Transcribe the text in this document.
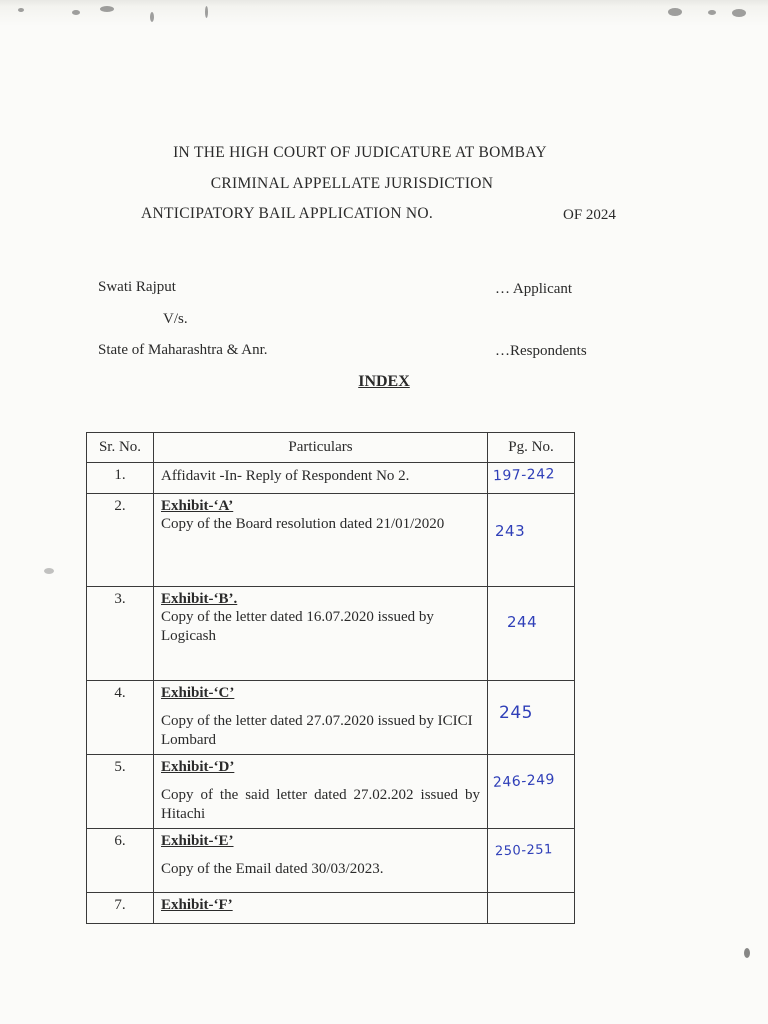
IN THE HIGH COURT OF JUDICATURE AT BOMBAY
CRIMINAL APPELLATE JURISDICTION
ANTICIPATORY BAIL APPLICATION NO.	OF 2024
Swati Rajput	… Applicant
V/s.
State of Maharashtra & Anr.	…Respondents
INDEX
Sr. No.	Particulars	Pg. No.
1.	Affidavit -In- Reply of Respondent No 2.	197-242

2.	Exhibit-‘A’
Copy of the Board resolution dated 21/01/2020	243

3.	Exhibit-‘B’.
Copy of the letter dated 16.07.2020 issued by Logicash	244

4.	Exhibit-‘C’
Copy of the letter dated 27.07.2020 issued by ICICI Lombard	245

5.	Exhibit-‘D’
Copy of the said letter dated 27.02.202 issued by Hitachi	246-249

6.	Exhibit-‘E’
Copy of the Email dated 30/03/2023.	250-251

7.	Exhibit-‘F’	
